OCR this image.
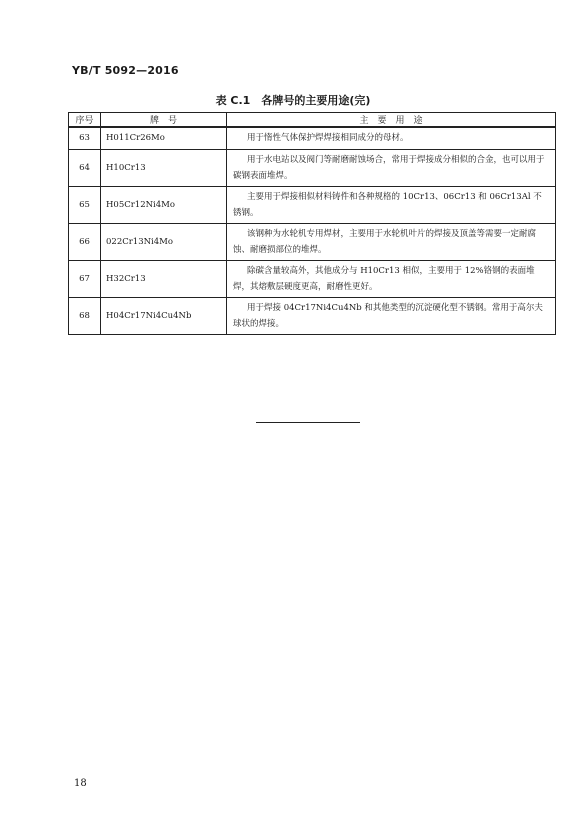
YB/T 5092—2016
表 C.1　各牌号的主要用途(完)
序号	牌　号	主　要　用　途
63	H011Cr26Mo	用于惰性气体保护焊焊接相同成分的母材。
64	H10Cr13	用于水电站以及阀门等耐磨耐蚀场合，常用于焊接成分相似的合金，也可以用于碳钢表面堆焊。
65	H05Cr12Ni4Mo	主要用于焊接相似材料铸件和各种规格的 10Cr13、06Cr13 和 06Cr13Al 不锈钢。
66	022Cr13Ni4Mo	该钢种为水轮机专用焊材，主要用于水轮机叶片的焊接及顶盖等需要一定耐腐蚀、耐磨损部位的堆焊。
67	H32Cr13	除碳含量较高外，其他成分与 H10Cr13 相似，主要用于 12%铬钢的表面堆焊，其熔敷层硬度更高，耐磨性更好。
68	H04Cr17Ni4Cu4Nb	用于焊接 04Cr17Ni4Cu4Nb 和其他类型的沉淀硬化型不锈钢。常用于高尔夫球状的焊接。
18
